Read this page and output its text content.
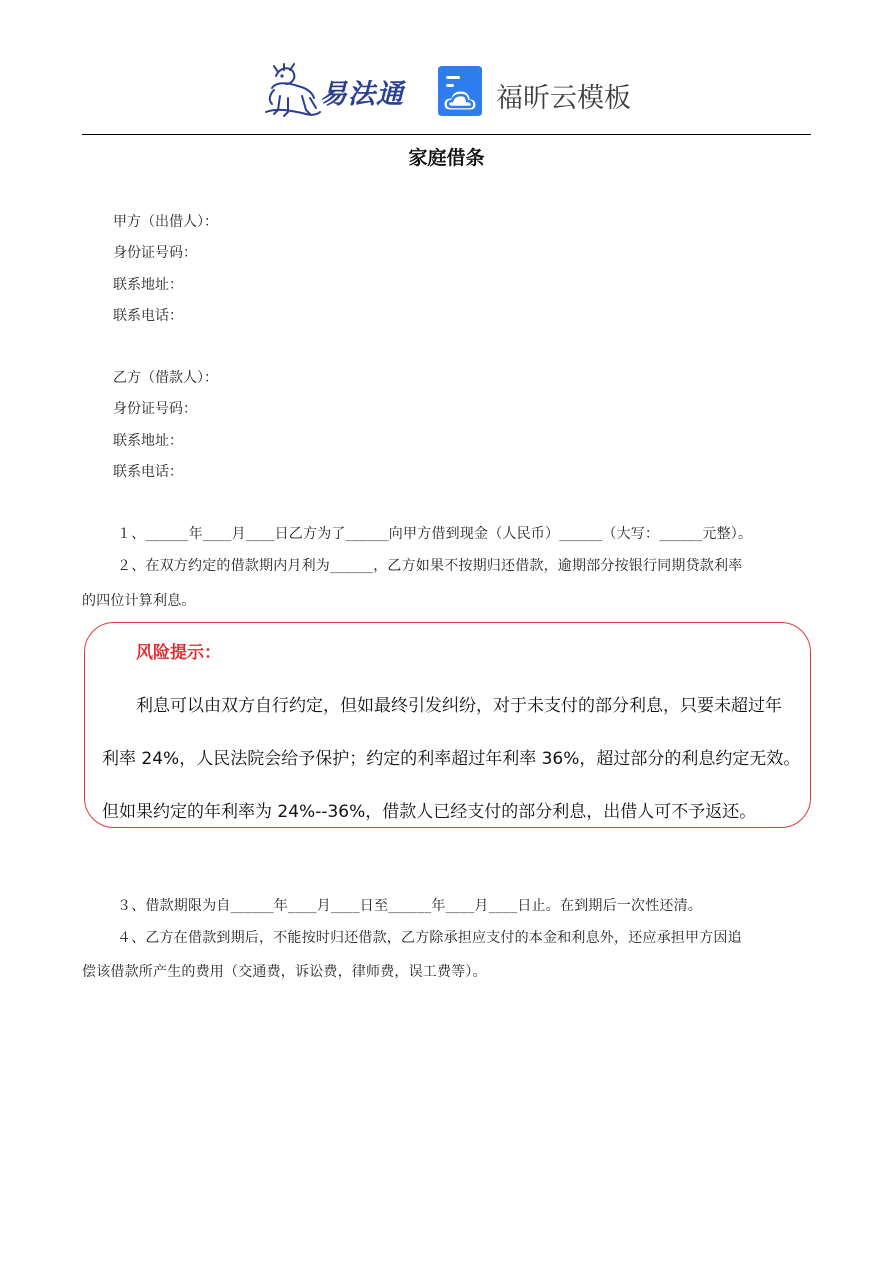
易法通	福昕云模板
家庭借条
甲方（出借人）：
身份证号码：
联系地址：
联系电话：
乙方（借款人）：
身份证号码：
联系地址：
联系电话：
１、______年____月____日乙方为了______向甲方借到现金（人民币）______（大写：______元整）。
２、在双方约定的借款期内月利为______，乙方如果不按期归还借款，逾期部分按银行同期贷款利率
的四位计算利息。
风险提示：
利息可以由双方自行约定，但如最终引发纠纷，对于未支付的部分利息，只要未超过年
利率 24%，人民法院会给予保护；约定的利率超过年利率 36%，超过部分的利息约定无效。
但如果约定的年利率为 24%--36%，借款人已经支付的部分利息，出借人可不予返还。
３、借款期限为自______年____月____日至______年____月____日止。在到期后一次性还清。
４、乙方在借款到期后，不能按时归还借款，乙方除承担应支付的本金和利息外，还应承担甲方因追
偿该借款所产生的费用（交通费，诉讼费，律师费，误工费等）。
